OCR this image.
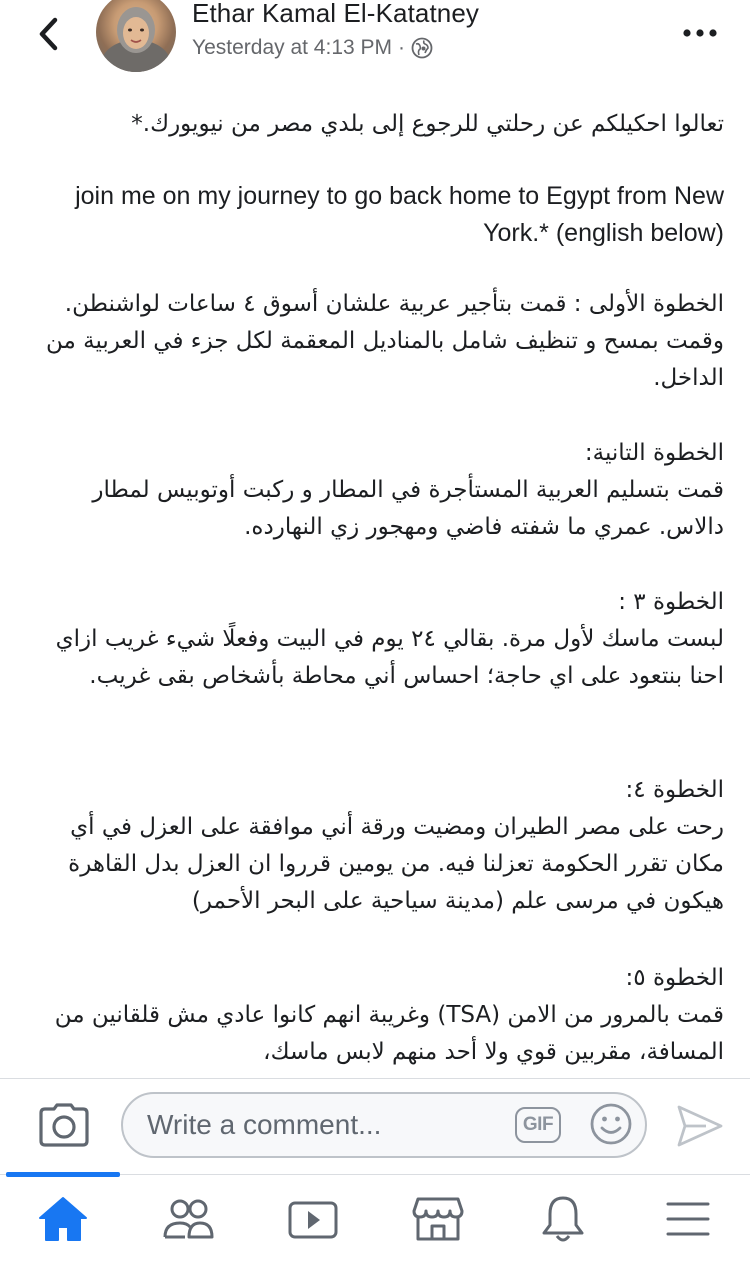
Ethar Kamal El-Katatney
Yesterday at 4:13 PM ·
تعالوا احكيلكم عن رحلتي للرجوع إلى بلدي مصر من نيويورك.*
join me on my journey to go back home to Egypt from New York.* (english below)
الخطوة الأولى : قمت بتأجير عربية علشان أسوق ٤ ساعات لواشنطن. وقمت بمسح و تنظيف شامل بالمناديل المعقمة لكل جزء في العربية من الداخل.
الخطوة التانية:
قمت بتسليم العربية المستأجرة في المطار و ركبت أوتوبيس لمطار دالاس. عمري ما شفته فاضي ومهجور زي النهارده.
الخطوة ٣ :
لبست ماسك لأول مرة. بقالي ٢٤ يوم في البيت وفعلًا شيء غريب ازاي احنا بنتعود على اي حاجة؛ احساس أني محاطة بأشخاص بقى غريب.
الخطوة ٤:
رحت على مصر الطيران ومضيت ورقة أني موافقة على العزل في أي مكان تقرر الحكومة تعزلنا فيه. من يومين قرروا ان العزل بدل القاهرة هيكون في مرسى علم (مدينة سياحية على البحر الأحمر)
الخطوة ٥:
قمت بالمرور من الامن (TSA) وغريبة انهم كانوا عادي مش قلقانين من المسافة، مقربين قوي ولا أحد منهم لابس ماسك،
Write a comment...	GIF
